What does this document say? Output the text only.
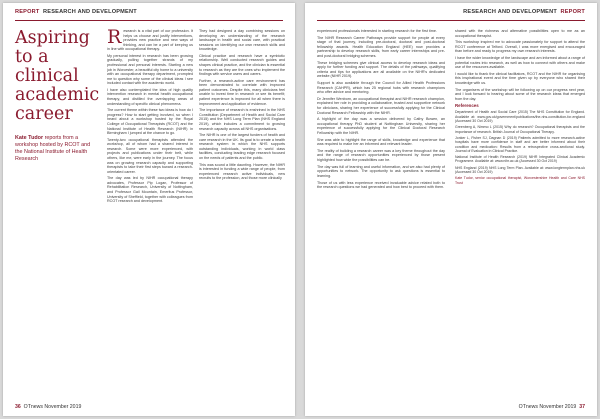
REPORT RESEARCH AND DEVELOPMENT
Aspiring to a clinical academic career

Kate Tudor reports from a workshop hosted by RCOT and the National Institute of Health Research

Research is a vital part of our profession. It helps us choose and justify interventions, provides new practice and new ways of thinking, and can be a part of keeping us in line with occupational therapy.

My personal interest in research has been growing gradually, pulling together strands of my professional and personal interests. Starting a new job in Worcester, a beautiful city home to a university with an occupational therapy department, prompted me to question why some of the clinical ideas I see included contact with the academic world.

I have also contemplated the idea of high quality intervention research in mental health occupational therapy, and distilled the overlapping areas of understanding of specific clinical phenomena.

The current theme within these two ideas is how do I progress? How to start getting involved, so when I heard about a workshop hosted by the Royal College of Occupational Therapists (RCOT) and the National Institute of Health Research (NIHR) in Birmingham I jumped at the chance to go.

Twenty-two occupational therapists attended the workshop, all of whom had a shared interest in research. Some were more experienced, with projects and publications under their belt, while others, like me, were early in the journey. The focus was on growing research capacity and supporting therapists to take their first steps toward a research-orientated career.

The day was led by NIHR occupational therapy advocates, Professor Pip Logan, Professor of Rehabilitation Research, University of Nottingham, and Professor Gail Mountain, Emeritus Professor, University of Sheffield, together with colleagues from RCOT research and development.

They had designed a day combining sessions on developing an understanding of the research landscape in health and social care, with practical sessions on identifying our own research skills and knowledge.

Clinical practice and research have a symbiotic relationship. Well conducted research guides and shapes clinical practice, and the clinician is essential to research as they are the ones who implement the findings with service users and carers.

Further, a research-active care environment has been demonstrated to correlate with improved patient outcomes. Despite this, many clinicians feel unable to invest time in research or see its benefit; patient experience is improved for all when there is improvement and application of evidence.

The importance of research is enshrined in the NHS Constitution (Department of Health and Social Care 2015) and the NHS Long Term Plan (NHS England 2019), which includes a commitment to growing research capacity across all NHS organisations.

The NIHR is one of the largest funders of health and care research in the UK. Its goal is to create a health research system in which the NHS supports outstanding individuals, working in world class facilities, conducting leading edge research focused on the needs of patients and the public.

This was sound a little daunting. However, the NIHR is interested in funding a wide range of people, from experienced research active individuals, new recruits to the profession, and those more clinically

36 OTnews November 2019
RESEARCH AND DEVELOPMENT REPORT

experienced professionals interested in starting research for the first time.

The NIHR Research Career Pathways provide support for people at every stage of that journey, including pre-doctoral, doctoral and post-doctoral fellowship awards. Health Education England (HEE) now provides a partnership to develop research skills, from early career internships and pre- and post-doctoral bridging schemes.

These bridging schemes give clinical access to develop research ideas and apply for further funding and support. The details of the pathways, qualifying criteria and tips for applications are all available on the NIHR's dedicated website (NIHR 2019).

Support is also available through the Council for Allied Health Professions Research (CAHPR), which has 25 regional hubs with research champions who offer advice and mentoring.

Dr Jennifer Wenborn, an occupational therapist and NIHR research champion, explained her role in providing a collaborative, trusted and supportive network for clinicians, sharing her experience of successfully applying for the Clinical Doctoral Research Fellowship with the NIHR.

A highlight of the day was a session delivered by Cathy Bowen, an occupational therapy PhD student at Nottingham University, sharing her experience of successfully applying for the Clinical Doctoral Research Fellowship with the NIHR.

She was able to highlight the range of skills, knowledge and experience that was required to make her an informed and relevant leader.

The reality of building a research career was a key theme throughout the day and the range of research opportunities experienced by those present highlighted how wide the possibilities can be.

The day was full of learning and useful information, and we also had plenty of opportunities to network. The opportunity to ask questions is essential to learning.

Those of us with less experience received invaluable advice related both to the research questions we had generated and how best to proceed with them.

shared with the richness and alternative possibilities open to me as an occupational therapist.

This workshop inspired me to advocate passionately for support to attend the RCOT conference at Telford. Overall, I was more energised and encouraged than before and ready to progress my own research interests.

I have the wider knowledge of the landscape and am informed about a range of potential routes into research, as well as how to connect with others and make use of the resources available.

I would like to thank the clinical facilitators, RCOT and the NIHR for organising this inspirational event and the time given up by everyone who shared their knowledge with us.

The organisers of the workshop will be following up on our progress next year, and I look forward to hearing about some of the research ideas that emerged from the day.

References

Department of Health and Social Care (2015) The NHS Constitution for England. Available at: www.gov.uk/government/publications/the-nhs-constitution-for-england (Accessed 30 Oct 2019)

Greenberg A, Nimmo L (2015) Why do research? Occupational therapists and the importance of research. British Journal of Occupational Therapy.

Jonker L, Fisher SJ, Dagnan D (2019) Patients admitted to more research-active hospitals have more confidence in staff and are better informed about their condition and medication: Results from a retrospective cross-sectional study. Journal of Evaluation in Clinical Practice.

National Institute of Health Research (2019) NIHR Integrated Clinical Academic Programme. Available at: www.nihr.ac.uk (Accessed 30 Oct 2019)

NHS England (2019) NHS Long Term Plan. Available at: www.longtermplan.nhs.uk (Accessed 30 Oct 2019)

Kate Tudor, senior occupational therapist, Worcestershire Health and Care NHS Trust

OTnews November 2019 37
